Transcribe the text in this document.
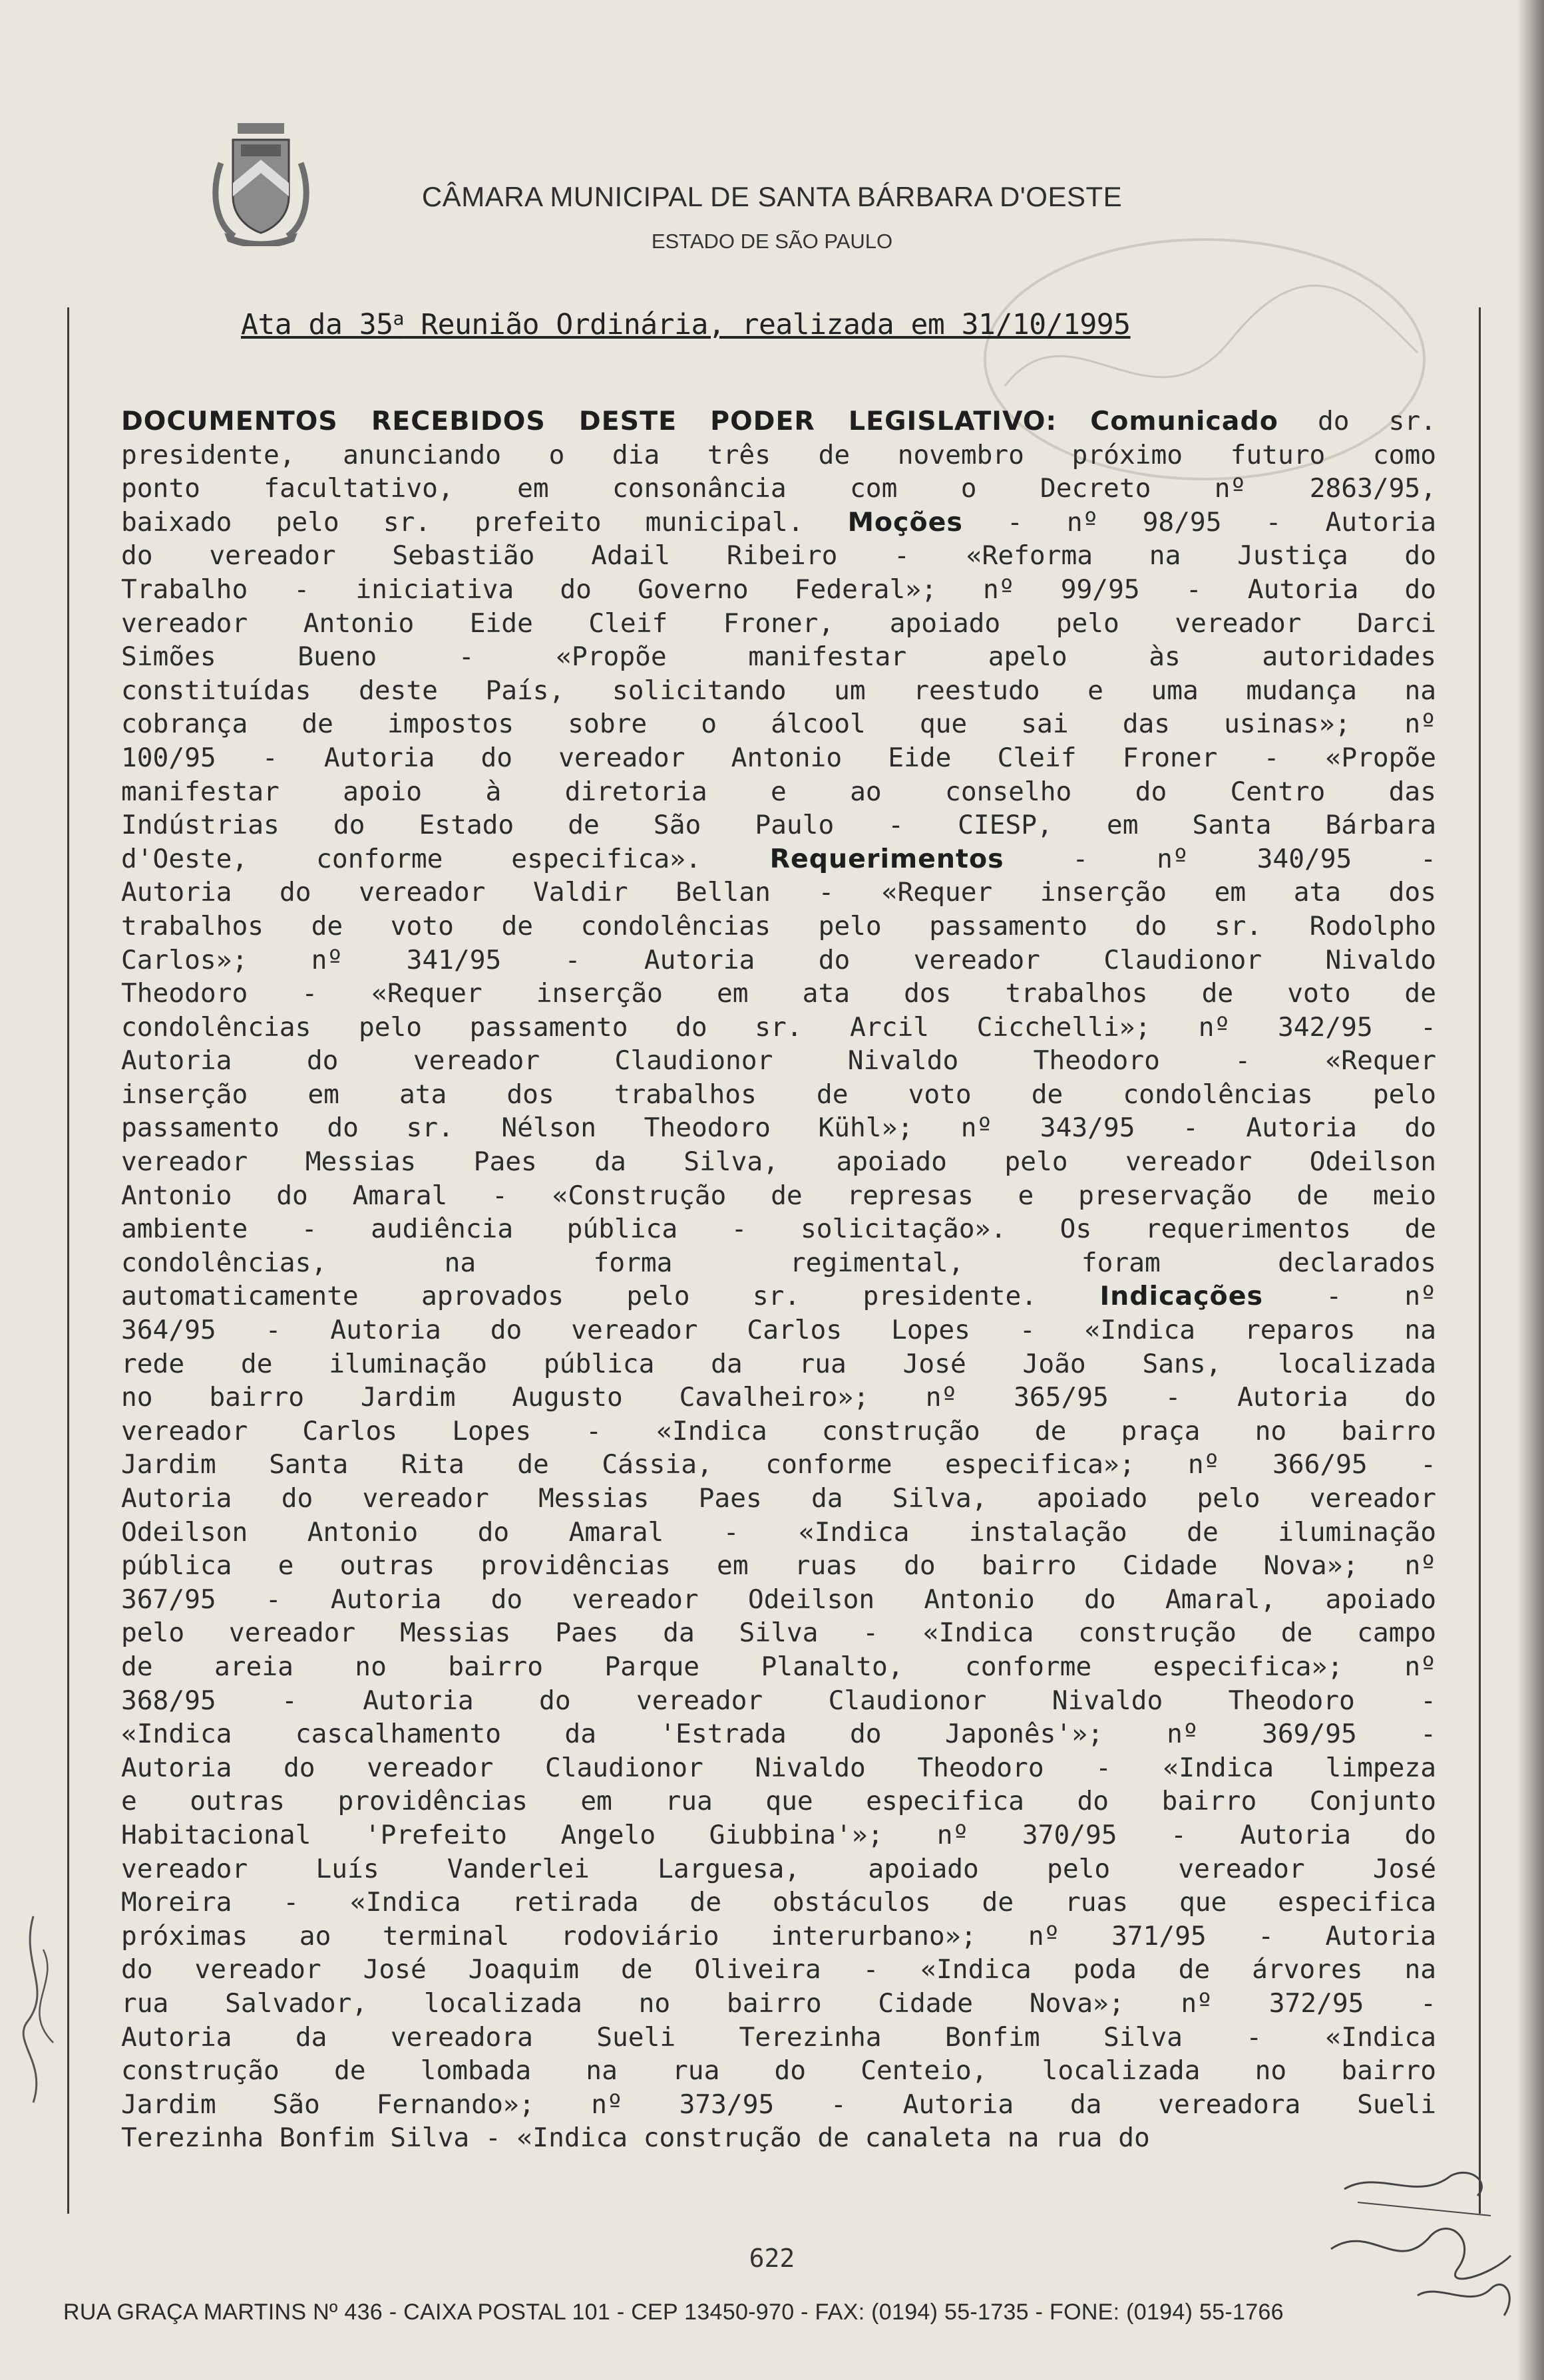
CÂMARA MUNICIPAL DE SANTA BÁRBARA D'OESTE
ESTADO DE SÃO PAULO
Ata da 35$^a$ Reunião Ordinária, realizada em 31/10/1995
DOCUMENTOS RECEBIDOS DESTE PODER LEGISLATIVO: Comunicado do sr.
presidente, anunciando o dia três de novembro próximo futuro como
ponto facultativo, em consonância com o Decreto nº 2863/95,
baixado pelo sr. prefeito municipal. Moções - nº 98/95 - Autoria
do vereador Sebastião Adail Ribeiro - «Reforma na Justiça do
Trabalho - iniciativa do Governo Federal»; nº 99/95 - Autoria do
vereador Antonio Eide Cleif Froner, apoiado pelo vereador Darci
Simões Bueno - «Propõe manifestar apelo às autoridades
constituídas deste País, solicitando um reestudo e uma mudança na
cobrança de impostos sobre o álcool que sai das usinas»; nº
100/95 - Autoria do vereador Antonio Eide Cleif Froner - «Propõe
manifestar apoio à diretoria e ao conselho do Centro das
Indústrias do Estado de São Paulo - CIESP, em Santa Bárbara
d'Oeste, conforme especifica». Requerimentos - nº 340/95 -
Autoria do vereador Valdir Bellan - «Requer inserção em ata dos
trabalhos de voto de condolências pelo passamento do sr. Rodolpho
Carlos»; nº 341/95 - Autoria do vereador Claudionor Nivaldo
Theodoro - «Requer inserção em ata dos trabalhos de voto de
condolências pelo passamento do sr. Arcil Cicchelli»; nº 342/95 -
Autoria do vereador Claudionor Nivaldo Theodoro - «Requer
inserção em ata dos trabalhos de voto de condolências pelo
passamento do sr. Nélson Theodoro Kühl»; nº 343/95 - Autoria do
vereador Messias Paes da Silva, apoiado pelo vereador Odeilson
Antonio do Amaral - «Construção de represas e preservação de meio
ambiente - audiência pública - solicitação». Os requerimentos de
condolências, na forma regimental, foram declarados
automaticamente aprovados pelo sr. presidente. Indicações - nº
364/95 - Autoria do vereador Carlos Lopes - «Indica reparos na
rede de iluminação pública da rua José João Sans, localizada
no bairro Jardim Augusto Cavalheiro»; nº 365/95 - Autoria do
vereador Carlos Lopes - «Indica construção de praça no bairro
Jardim Santa Rita de Cássia, conforme especifica»; nº 366/95 -
Autoria do vereador Messias Paes da Silva, apoiado pelo vereador
Odeilson Antonio do Amaral - «Indica instalação de iluminação
pública e outras providências em ruas do bairro Cidade Nova»; nº
367/95 - Autoria do vereador Odeilson Antonio do Amaral, apoiado
pelo vereador Messias Paes da Silva - «Indica construção de campo
de areia no bairro Parque Planalto, conforme especifica»; nº
368/95 - Autoria do vereador Claudionor Nivaldo Theodoro -
«Indica cascalhamento da 'Estrada do Japonês'»; nº 369/95 -
Autoria do vereador Claudionor Nivaldo Theodoro - «Indica limpeza
e outras providências em rua que especifica do bairro Conjunto
Habitacional 'Prefeito Angelo Giubbina'»; nº 370/95 - Autoria do
vereador Luís Vanderlei Larguesa, apoiado pelo vereador José
Moreira - «Indica retirada de obstáculos de ruas que especifica
próximas ao terminal rodoviário interurbano»; nº 371/95 - Autoria
do vereador José Joaquim de Oliveira - «Indica poda de árvores na
rua Salvador, localizada no bairro Cidade Nova»; nº 372/95 -
Autoria da vereadora Sueli Terezinha Bonfim Silva - «Indica
construção de lombada na rua do Centeio, localizada no bairro
Jardim São Fernando»; nº 373/95 - Autoria da vereadora Sueli
Terezinha Bonfim Silva - «Indica construção de canaleta na rua do
622
RUA GRAÇA MARTINS Nº 436 - CAIXA POSTAL 101 - CEP 13450-970 - FAX: (0194) 55-1735 - FONE: (0194) 55-1766
